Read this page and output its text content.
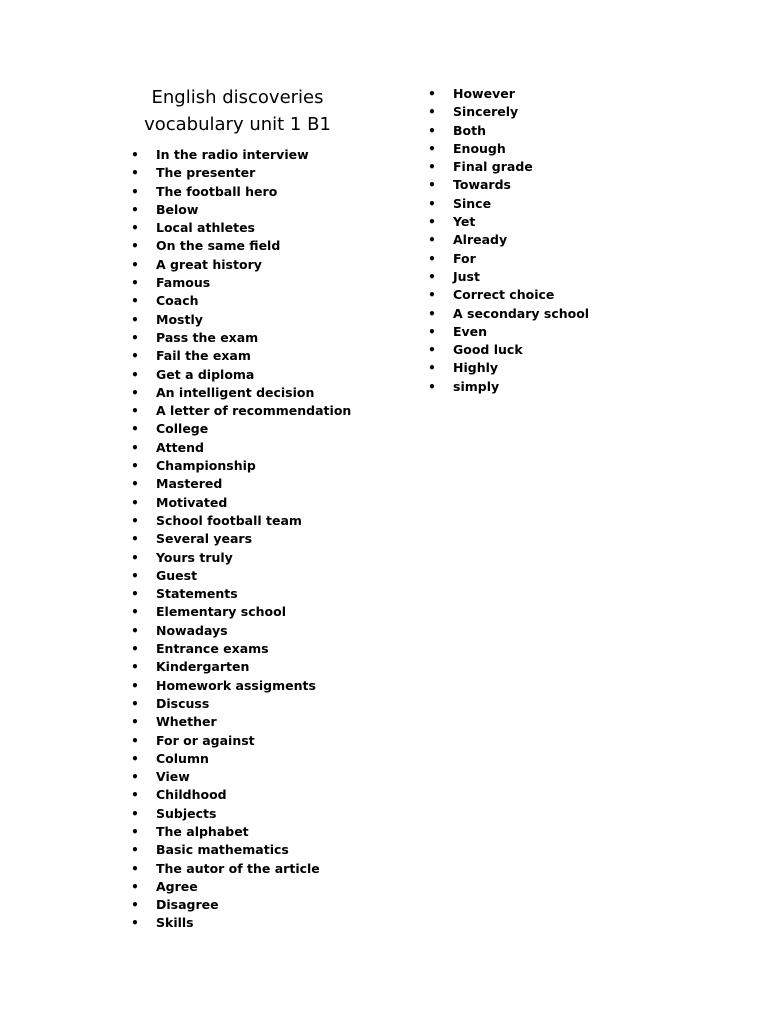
English discoveries
vocabulary unit 1 B1
• In the radio interview
• The presenter
• The football hero
• Below
• Local athletes
• On the same field
• A great history
• Famous
• Coach
• Mostly
• Pass the exam
• Fail the exam
• Get a diploma
• An intelligent decision
• A letter of recommendation
• College
• Attend
• Championship
• Mastered
• Motivated
• School football team
• Several years
• Yours truly
• Guest
• Statements
• Elementary school
• Nowadays
• Entrance exams
• Kindergarten
• Homework assigments
• Discuss
• Whether
• For or against
• Column
• View
• Childhood
• Subjects
• The alphabet
• Basic mathematics
• The autor of the article
• Agree
• Disagree
• Skills
• However
• Sincerely
• Both
• Enough
• Final grade
• Towards
• Since
• Yet
• Already
• For
• Just
• Correct choice
• A secondary school
• Even
• Good luck
• Highly
• simply
